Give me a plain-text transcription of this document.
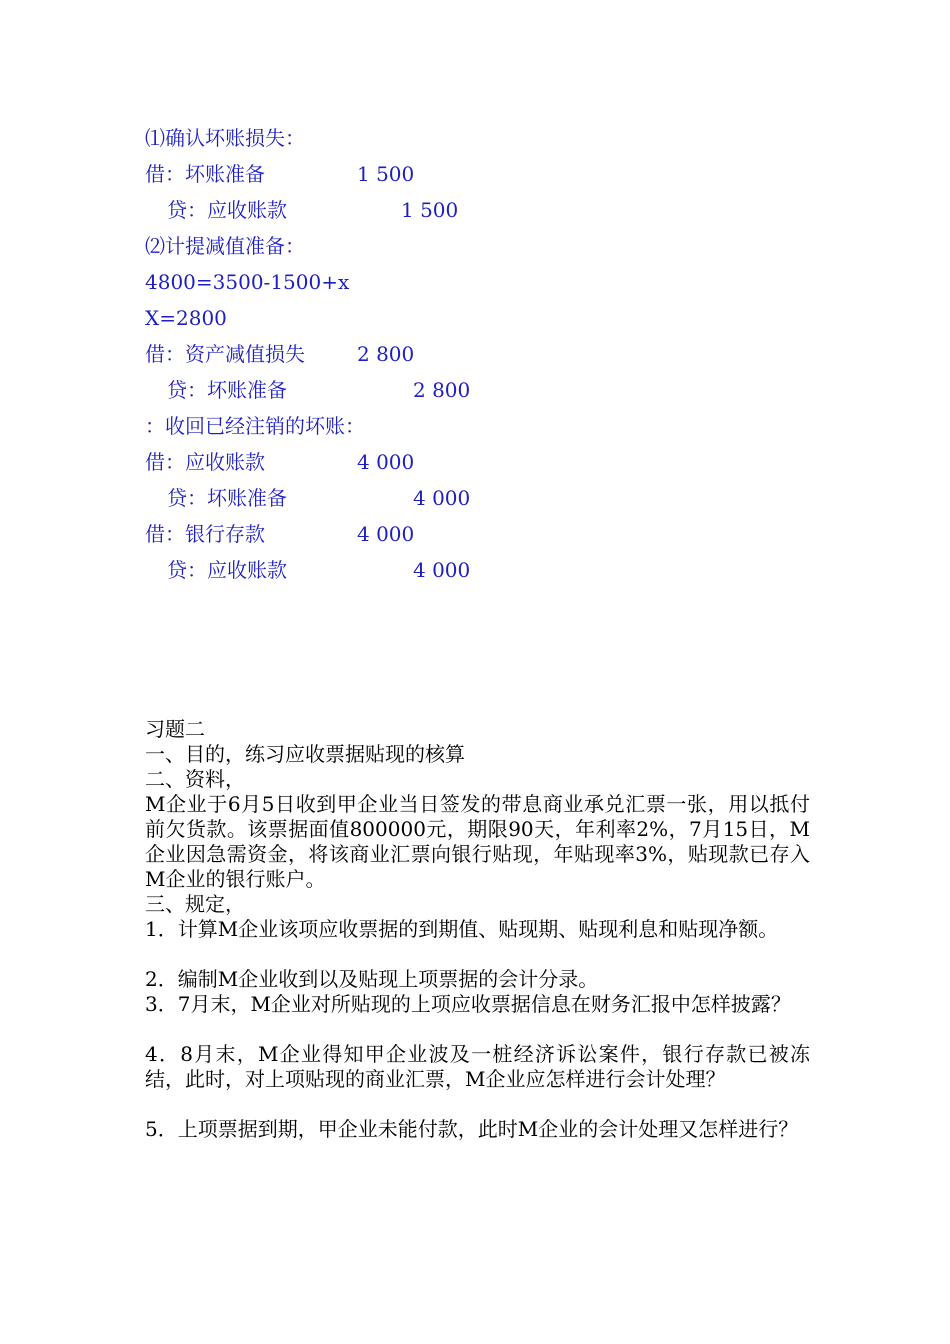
⑴确认坏账损失：
借：坏账准备	1 500
贷：应收账款	1 500
⑵计提减值准备：
4800=3500-1500+x
X=2800
借：资产减值损失	2 800
贷：坏账准备	2 800
：收回已经注销的坏账：
借：应收账款	4 000
贷：坏账准备	4 000
借：银行存款	4 000
贷：应收账款	4 000
习题二
一、目的，练习应收票据贴现的核算
二、资料，
M企业于6月5日收到甲企业当日签发的带息商业承兑汇票一张，用以抵付前欠货款。该票据面值800000元，期限90天，年利率2%，7月15日，M企业因急需资金，将该商业汇票向银行贴现，年贴现率3%，贴现款已存入M企业的银行账户。
三、规定，
1．计算M企业该项应收票据的到期值、贴现期、贴现利息和贴现净额。
2．编制M企业收到以及贴现上项票据的会计分录。
3．7月末，M企业对所贴现的上项应收票据信息在财务汇报中怎样披露？
4．8月末，M企业得知甲企业波及一桩经济诉讼案件，银行存款已被冻结，此时，对上项贴现的商业汇票，M企业应怎样进行会计处理？
5．上项票据到期，甲企业未能付款，此时M企业的会计处理又怎样进行？
